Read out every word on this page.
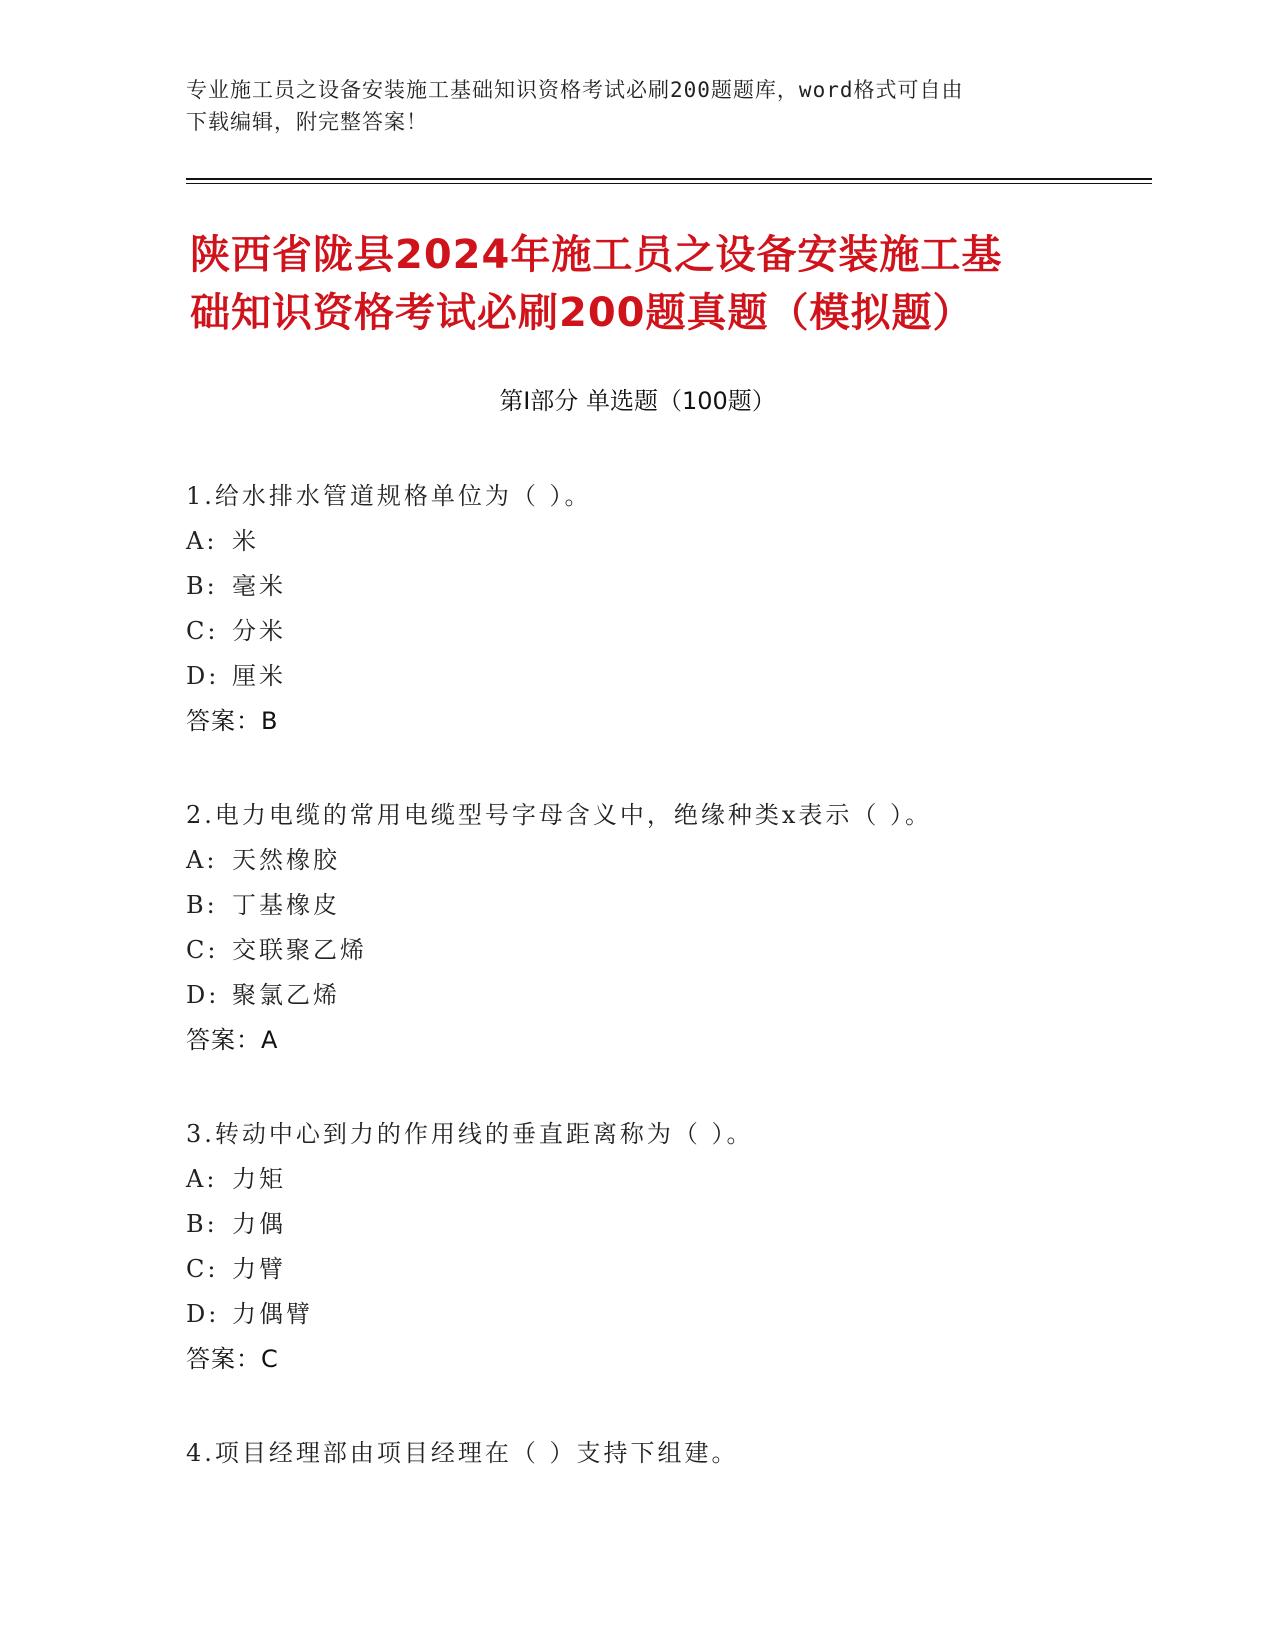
专业施工员之设备安装施工基础知识资格考试必刷200题题库，word格式可自由
下载编辑，附完整答案！
陕西省陇县2024年施工员之设备安装施工基
础知识资格考试必刷200题真题（模拟题）
第Ⅰ部分 单选题（100题）
1.给水排水管道规格单位为（ ）。
A: 米
B: 毫米
C: 分米
D: 厘米
答案：B
2.电力电缆的常用电缆型号字母含义中，绝缘种类x表示（ ）。
A: 天然橡胶
B: 丁基橡皮
C: 交联聚乙烯
D: 聚氯乙烯
答案：A
3.转动中心到力的作用线的垂直距离称为（ ）。
A: 力矩
B: 力偶
C: 力臂
D: 力偶臂
答案：C
4.项目经理部由项目经理在（ ）支持下组建。
